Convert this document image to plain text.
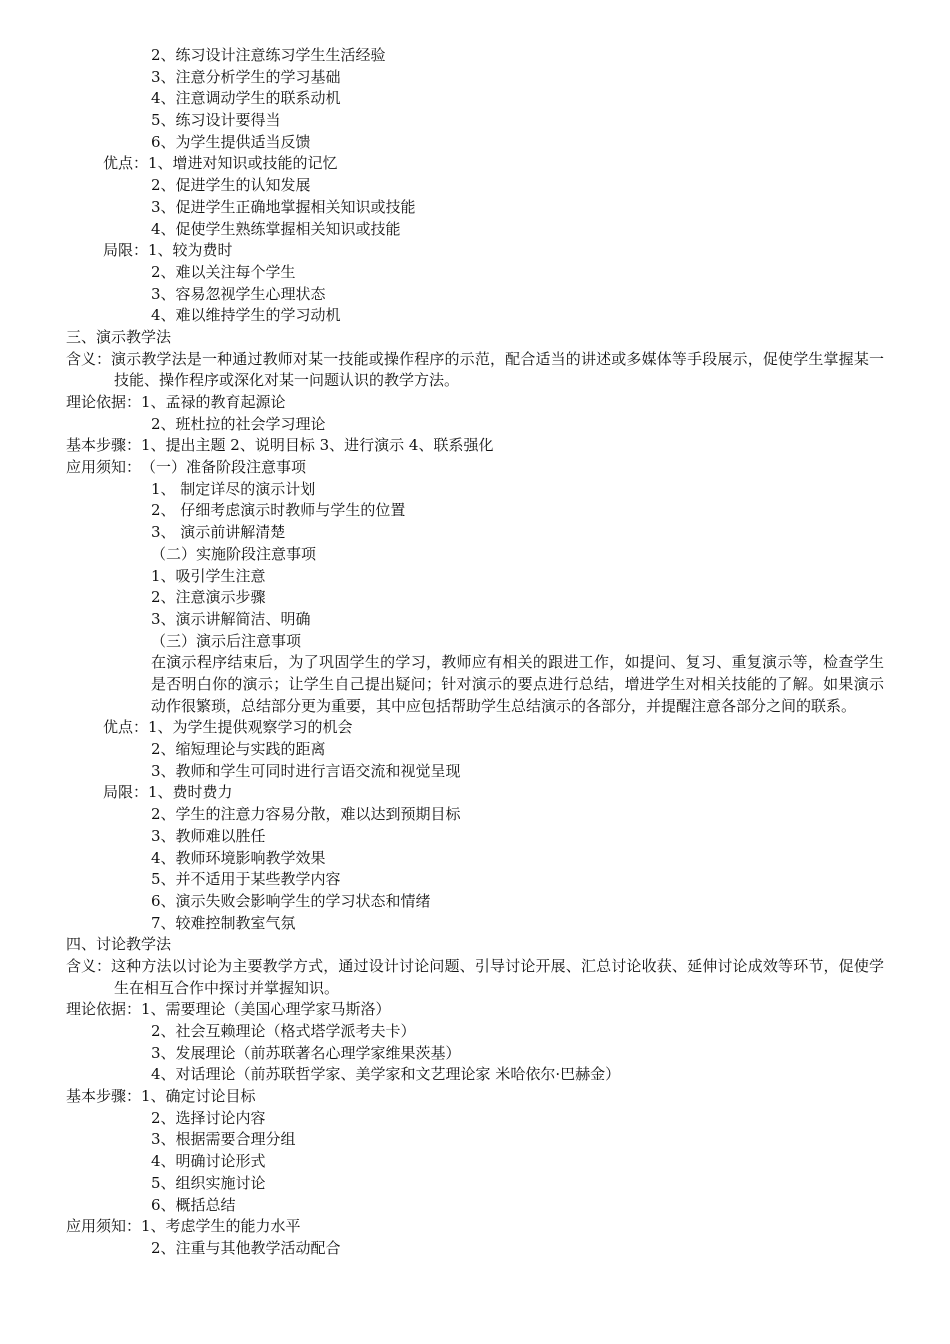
2、练习设计注意练习学生生活经验
3、注意分析学生的学习基础
4、注意调动学生的联系动机
5、练习设计要得当
6、为学生提供适当反馈
优点： 1、增进对知识或技能的记忆
2、促进学生的认知发展
3、促进学生正确地掌握相关知识或技能
4、促使学生熟练掌握相关知识或技能
局限： 1、较为费时
2、难以关注每个学生
3、容易忽视学生心理状态
4、难以维持学生的学习动机
三、演示教学法
含义： 演示教学法是一种通过教师对某一技能或操作程序的示范，配合适当的讲述或多媒体等手段展示，促使学生掌握某一技能、操作程序或深化对某一问题认识的教学方法。
理论依据： 1、孟禄的教育起源论
2、班杜拉的社会学习理论
基本步骤： 1、提出主题 2、说明目标 3、进行演示 4、联系强化
应用须知： （一）准备阶段注意事项
1、 制定详尽的演示计划
2、 仔细考虑演示时教师与学生的位置
3、 演示前讲解清楚
（二）实施阶段注意事项
1、吸引学生注意
2、注意演示步骤
3、演示讲解简洁、明确
（三）演示后注意事项
在演示程序结束后，为了巩固学生的学习，教师应有相关的跟进工作，如提问、复习、重复演示等，检查学生是否明白你的演示；让学生自己提出疑问；针对演示的要点进行总结，增进学生对相关技能的了解。如果演示动作很繁琐，总结部分更为重要，其中应包括帮助学生总结演示的各部分，并提醒注意各部分之间的联系。
优点： 1、为学生提供观察学习的机会
2、缩短理论与实践的距离
3、教师和学生可同时进行言语交流和视觉呈现
局限： 1、费时费力
2、学生的注意力容易分散，难以达到预期目标
3、教师难以胜任
4、教师环境影响教学效果
5、并不适用于某些教学内容
6、演示失败会影响学生的学习状态和情绪
7、较难控制教室气氛
四、讨论教学法
含义： 这种方法以讨论为主要教学方式，通过设计讨论问题、引导讨论开展、汇总讨论收获、延伸讨论成效等环节，促使学生在相互合作中探讨并掌握知识。
理论依据： 1、需要理论（美国心理学家马斯洛）
2、社会互赖理论（格式塔学派考夫卡）
3、发展理论（前苏联著名心理学家维果茨基）
4、对话理论（前苏联哲学家、美学家和文艺理论家 米哈依尔·巴赫金）
基本步骤： 1、确定讨论目标
2、选择讨论内容
3、根据需要合理分组
4、明确讨论形式
5、组织实施讨论
6、概括总结
应用须知： 1、考虑学生的能力水平
2、注重与其他教学活动配合
